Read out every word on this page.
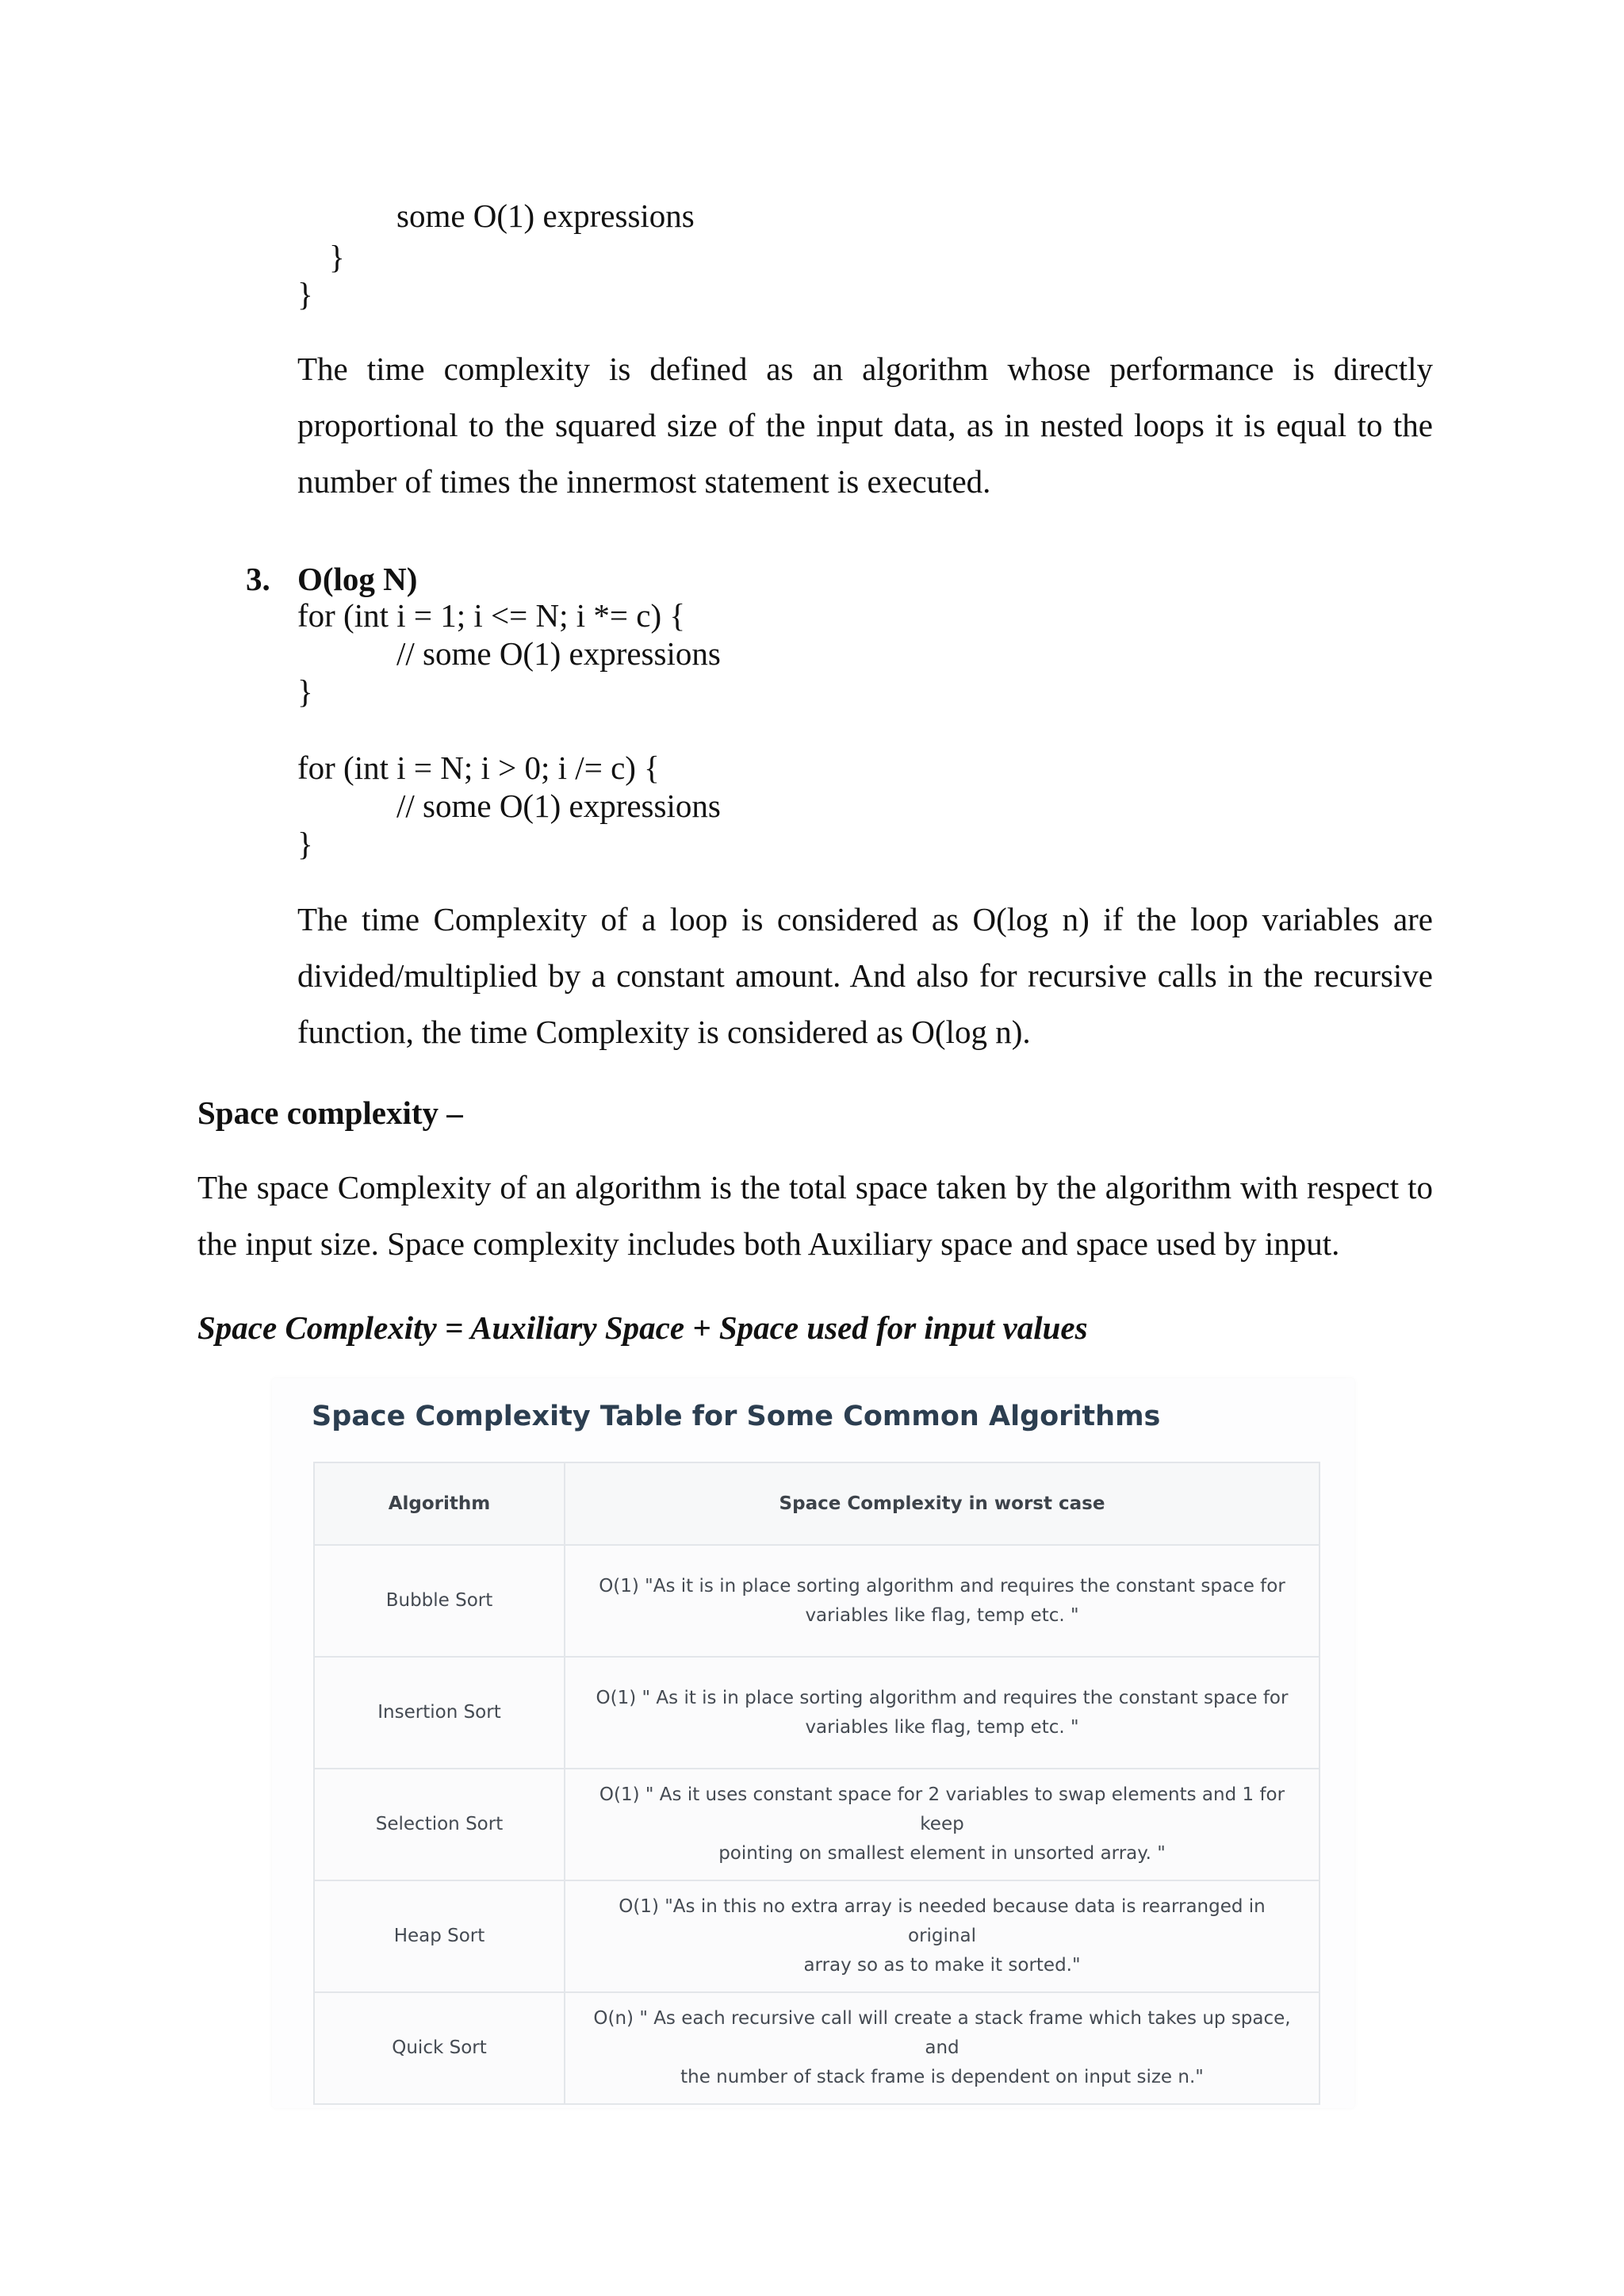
some O(1) expressions
}
}
The time complexity is defined as an algorithm whose performance is directly proportional to the squared size of the input data, as in nested loops it is equal to the number of times the innermost statement is executed.
3. O(log N)
for (int i = 1; i <= N; i *= c) {
// some O(1) expressions
}
for (int i = N; i > 0; i /= c) {
// some O(1) expressions
}
The time Complexity of a loop is considered as O(log n) if the loop variables are divided/multiplied by a constant amount. And also for recursive calls in the recursive function, the time Complexity is considered as O(log n).
Space complexity –
The space Complexity of an algorithm is the total space taken by the algorithm with respect to the input size. Space complexity includes both Auxiliary space and space used by input.
Space Complexity = Auxiliary Space + Space used for input values
Space Complexity Table for Some Common Algorithms
Algorithm	Space Complexity in worst case
Bubble Sort	O(1) "As it is in place sorting algorithm and requires the constant space for
variables like flag, temp etc. "
Insertion Sort	O(1) " As it is in place sorting algorithm and requires the constant space for
variables like flag, temp etc. "
Selection Sort	O(1) " As it uses constant space for 2 variables to swap elements and 1 for keep
pointing on smallest element in unsorted array. "
Heap Sort	O(1) "As in this no extra array is needed because data is rearranged in original
array so as to make it sorted."
Quick Sort	O(n) " As each recursive call will create a stack frame which takes up space, and
the number of stack frame is dependent on input size n."
